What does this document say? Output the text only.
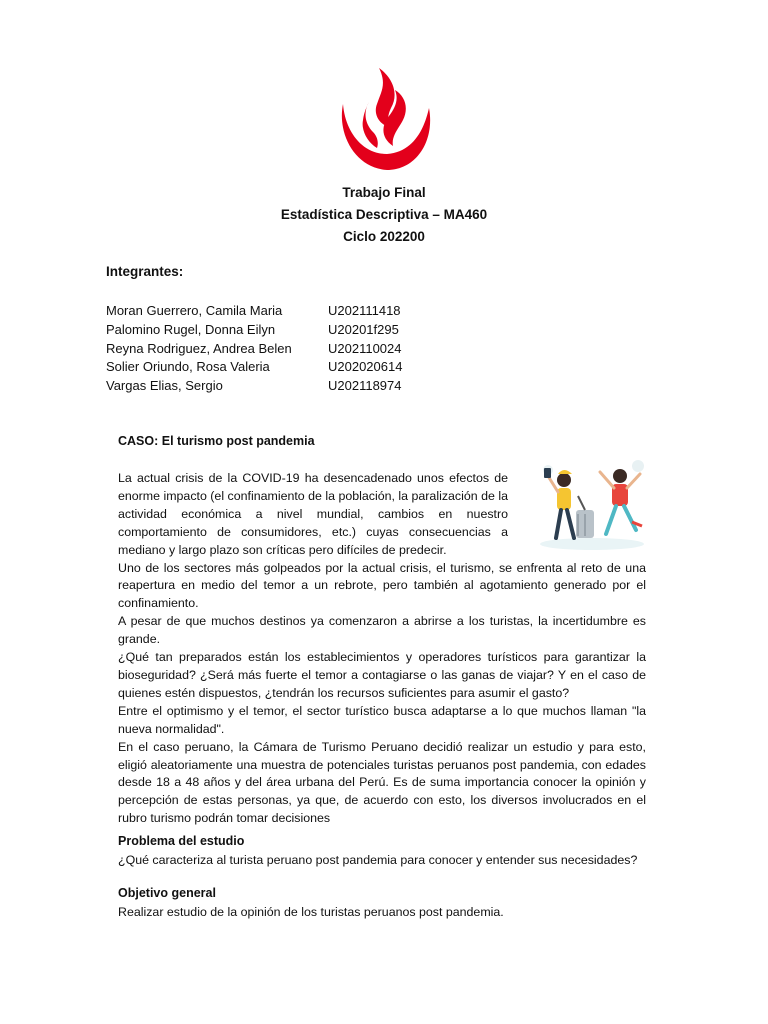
Trabajo Final
Estadística Descriptiva – MA460
Ciclo 202200
Integrantes:
Moran Guerrero, Camila Maria	U202111418
Palomino Rugel, Donna Eilyn	U20201f295
Reyna Rodriguez, Andrea Belen	U202110024
Solier Oriundo, Rosa Valeria	U202020614
Vargas Elias, Sergio	U202118974
CASO: El turismo post pandemia

La actual crisis de la COVID-19 ha desencadenado unos efectos de enorme impacto (el confinamiento de la población, la paralización de la actividad económica a nivel mundial, cambios en nuestro comportamiento de consumidores, etc.) cuyas consecuencias a mediano y largo plazo son críticas pero difíciles de predecir.

Uno de los sectores más golpeados por la actual crisis, el turismo, se enfrenta al reto de una reapertura en medio del temor a un rebrote, pero también al agotamiento generado por el confinamiento.

A pesar de que muchos destinos ya comenzaron a abrirse a los turistas, la incertidumbre es grande.

¿Qué tan preparados están los establecimientos y operadores turísticos para garantizar la bioseguridad? ¿Será más fuerte el temor a contagiarse o las ganas de viajar? Y en el caso de quienes estén dispuestos, ¿tendrán los recursos suficientes para asumir el gasto?

Entre el optimismo y el temor, el sector turístico busca adaptarse a lo que muchos llaman "la nueva normalidad".

En el caso peruano, la Cámara de Turismo Peruano decidió realizar un estudio y para esto, eligió aleatoriamente una muestra de potenciales turistas peruanos post pandemia, con edades desde 18 a 48 años y del área urbana del Perú. Es de suma importancia conocer la opinión y percepción de estas personas, ya que, de acuerdo con esto, los diversos involucrados en el rubro turismo podrán tomar decisiones

Problema del estudio
¿Qué caracteriza al turista peruano post pandemia para conocer y entender sus necesidades?
Objetivo general
Realizar estudio de la opinión de los turistas peruanos post pandemia.
